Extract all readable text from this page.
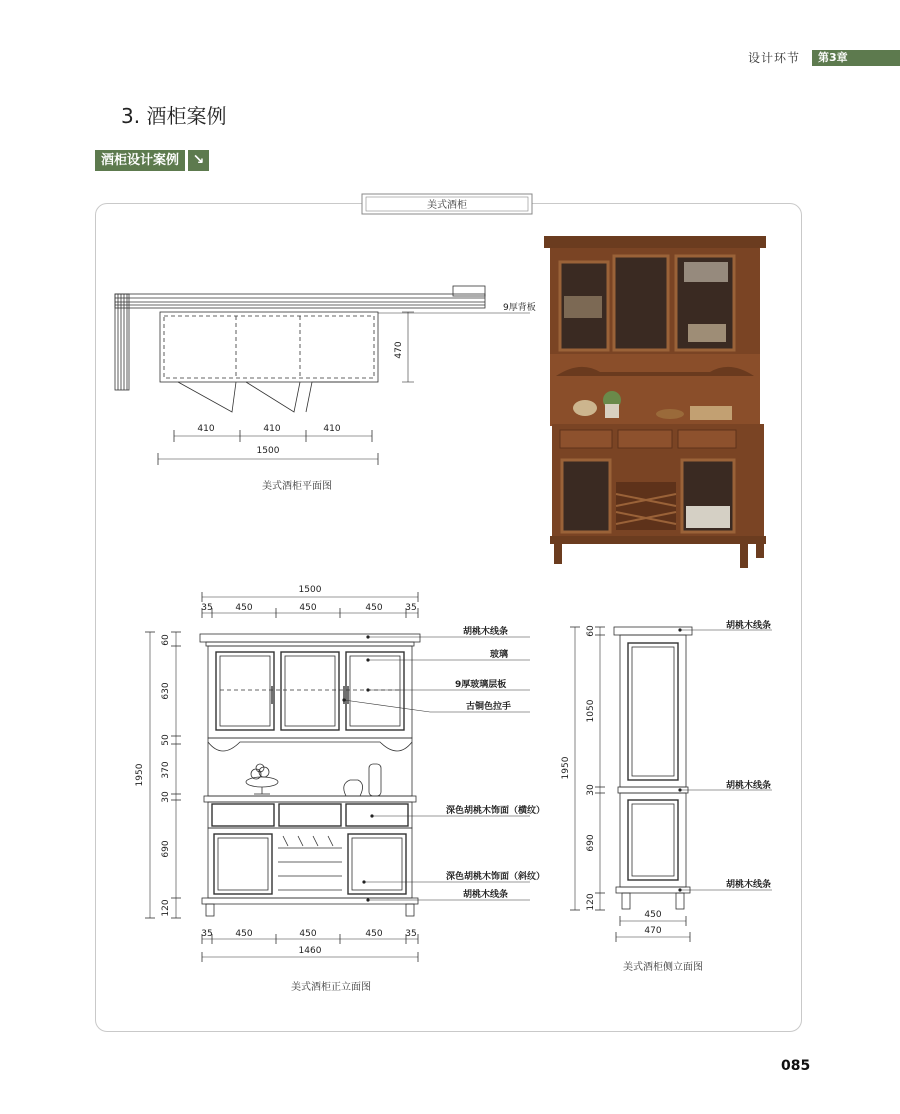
设计环节	第3章
3. 酒柜案例
酒柜设计案例 ↘
美式酒柜
9厚背板
470
410	410	410
1500
美式酒柜平面图
1500
35	450	450	450	35
60
630
50
370
30
690
120
1950
35	450	450	450	35
1460
胡桃木线条
玻璃
9厚玻璃层板
古铜色拉手
深色胡桃木饰面（横纹）
深色胡桃木饰面（斜纹）
胡桃木线条
美式酒柜正立面图
60
1050
30
690
120
1950
450
470
胡桃木线条
胡桃木线条
胡桃木线条
美式酒柜侧立面图
085
